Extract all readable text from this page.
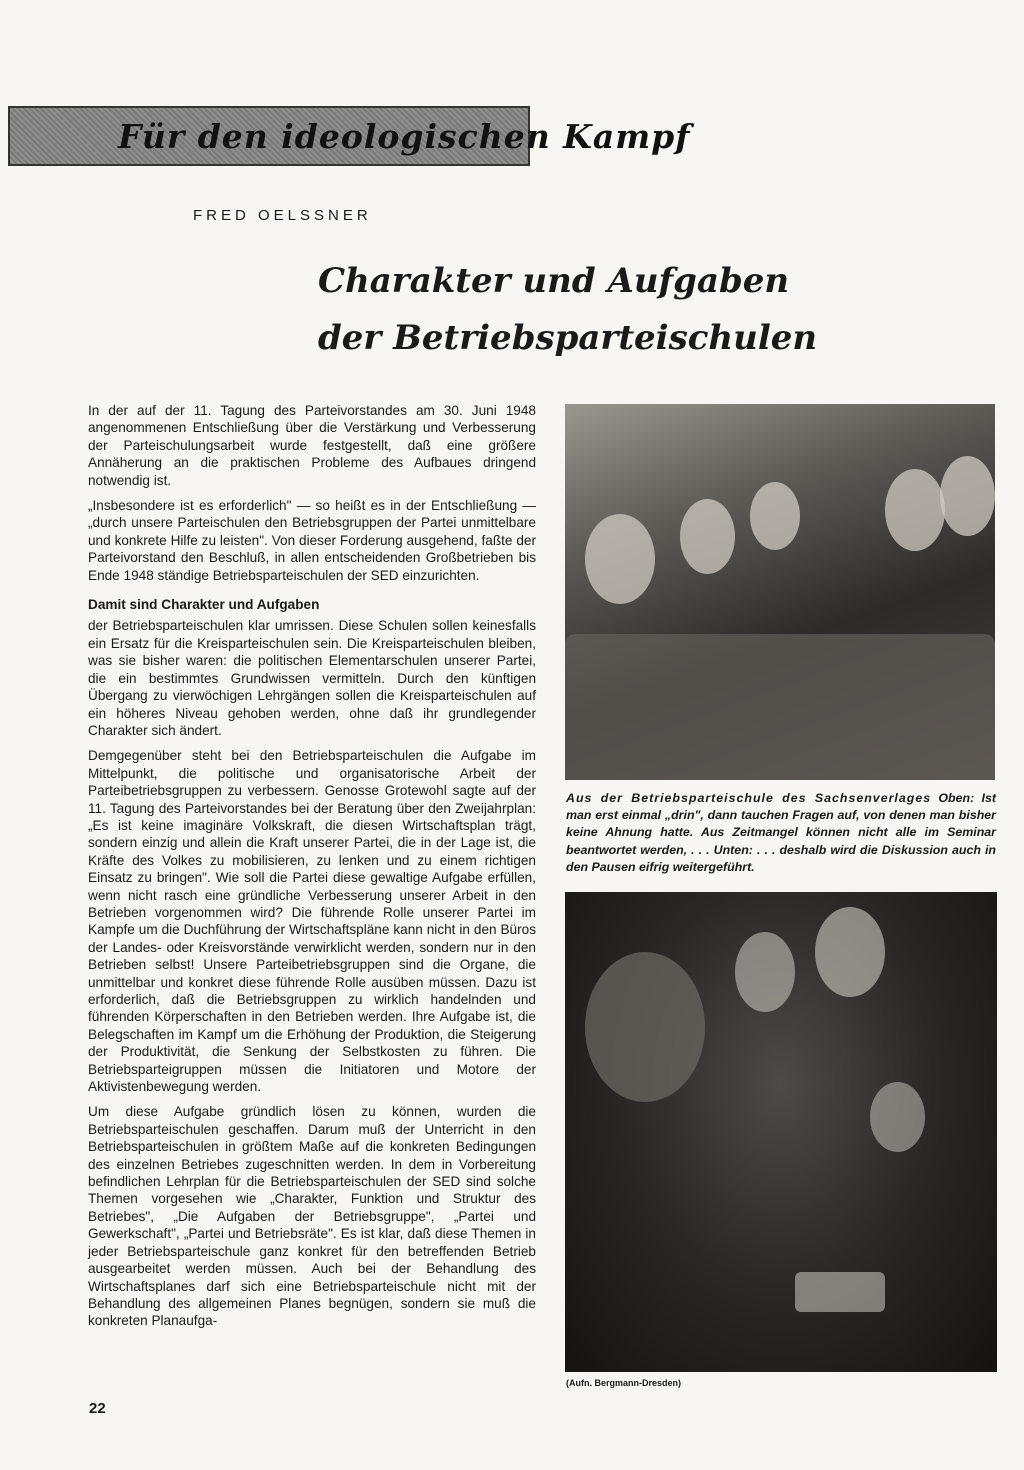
Für den ideologischen Kampf
FRED OELSSNER
Charakter und Aufgaben
der Betriebsparteischulen

In der auf der 11. Tagung des Parteivorstandes am 30. Juni 1948 angenommenen Entschließung über die Verstärkung und Verbesserung der Parteischulungsarbeit wurde festgestellt, daß eine größere Annäherung an die praktischen Probleme des Aufbaues dringend notwendig ist.

„Insbesondere ist es erforderlich" — so heißt es in der Entschließung — „durch unsere Parteischulen den Betriebsgruppen der Partei unmittelbare und konkrete Hilfe zu leisten". Von dieser Forderung ausgehend, faßte der Parteivorstand den Beschluß, in allen entscheidenden Großbetrieben bis Ende 1948 ständige Betriebsparteischulen der SED einzurichten.

Damit sind Charakter und Aufgaben

der Betriebsparteischulen klar umrissen. Diese Schulen sollen keinesfalls ein Ersatz für die Kreisparteischulen sein. Die Kreisparteischulen bleiben, was sie bisher waren: die politischen Elementarschulen unserer Partei, die ein bestimmtes Grundwissen vermitteln. Durch den künftigen Übergang zu vierwöchigen Lehrgängen sollen die Kreisparteischulen auf ein höheres Niveau gehoben werden, ohne daß ihr grundlegender Charakter sich ändert.

Demgegenüber steht bei den Betriebsparteischulen die Aufgabe im Mittelpunkt, die politische und organisatorische Arbeit der Parteibetriebsgruppen zu verbessern. Genosse Grotewohl sagte auf der 11. Tagung des Parteivorstandes bei der Beratung über den Zweijahrplan: „Es ist keine imaginäre Volkskraft, die diesen Wirtschaftsplan trägt, sondern einzig und allein die Kraft unserer Partei, die in der Lage ist, die Kräfte des Volkes zu mobilisieren, zu lenken und zu einem richtigen Einsatz zu bringen". Wie soll die Partei diese gewaltige Aufgabe erfüllen, wenn nicht rasch eine gründliche Verbesserung unserer Arbeit in den Betrieben vorgenommen wird? Die führende Rolle unserer Partei im Kampfe um die Duchführung der Wirtschaftspläne kann nicht in den Büros der Landes- oder Kreisvorstände verwirklicht werden, sondern nur in den Betrieben selbst! Unsere Parteibetriebsgruppen sind die Organe, die unmittelbar und konkret diese führende Rolle ausüben müssen. Dazu ist erforderlich, daß die Betriebsgruppen zu wirklich handelnden und führenden Körperschaften in den Betrieben werden. Ihre Aufgabe ist, die Belegschaften im Kampf um die Erhöhung der Produktion, die Steigerung der Produktivität, die Senkung der Selbstkosten zu führen. Die Betriebsparteigruppen müssen die Initiatoren und Motore der Aktivistenbewegung werden.

Um diese Aufgabe gründlich lösen zu können, wurden die Betriebsparteischulen geschaffen. Darum muß der Unterricht in den Betriebsparteischulen in größtem Maße auf die konkreten Bedingungen des einzelnen Betriebes zugeschnitten werden. In dem in Vorbereitung befindlichen Lehrplan für die Betriebsparteischulen der SED sind solche Themen vorgesehen wie „Charakter, Funktion und Struktur des Betriebes", „Die Aufgaben der Betriebsgruppe", „Partei und Gewerkschaft", „Partei und Betriebsräte". Es ist klar, daß diese Themen in jeder Betriebsparteischule ganz konkret für den betreffenden Betrieb ausgearbeitet werden müssen. Auch bei der Behandlung des Wirtschaftsplanes darf sich eine Betriebsparteischule nicht mit der Behandlung des allgemeinen Planes begnügen, sondern sie muß die konkreten Planaufga-

Aus der Betriebsparteischule des Sachsenverlages Oben: Ist man erst einmal „drin", dann tauchen Fragen auf, von denen man bisher keine Ahnung hatte. Aus Zeitmangel können nicht alle im Seminar beantwortet werden, . . . Unten: . . . deshalb wird die Diskussion auch in den Pausen eifrig weitergeführt.
(Aufn. Bergmann-Dresden)
22
